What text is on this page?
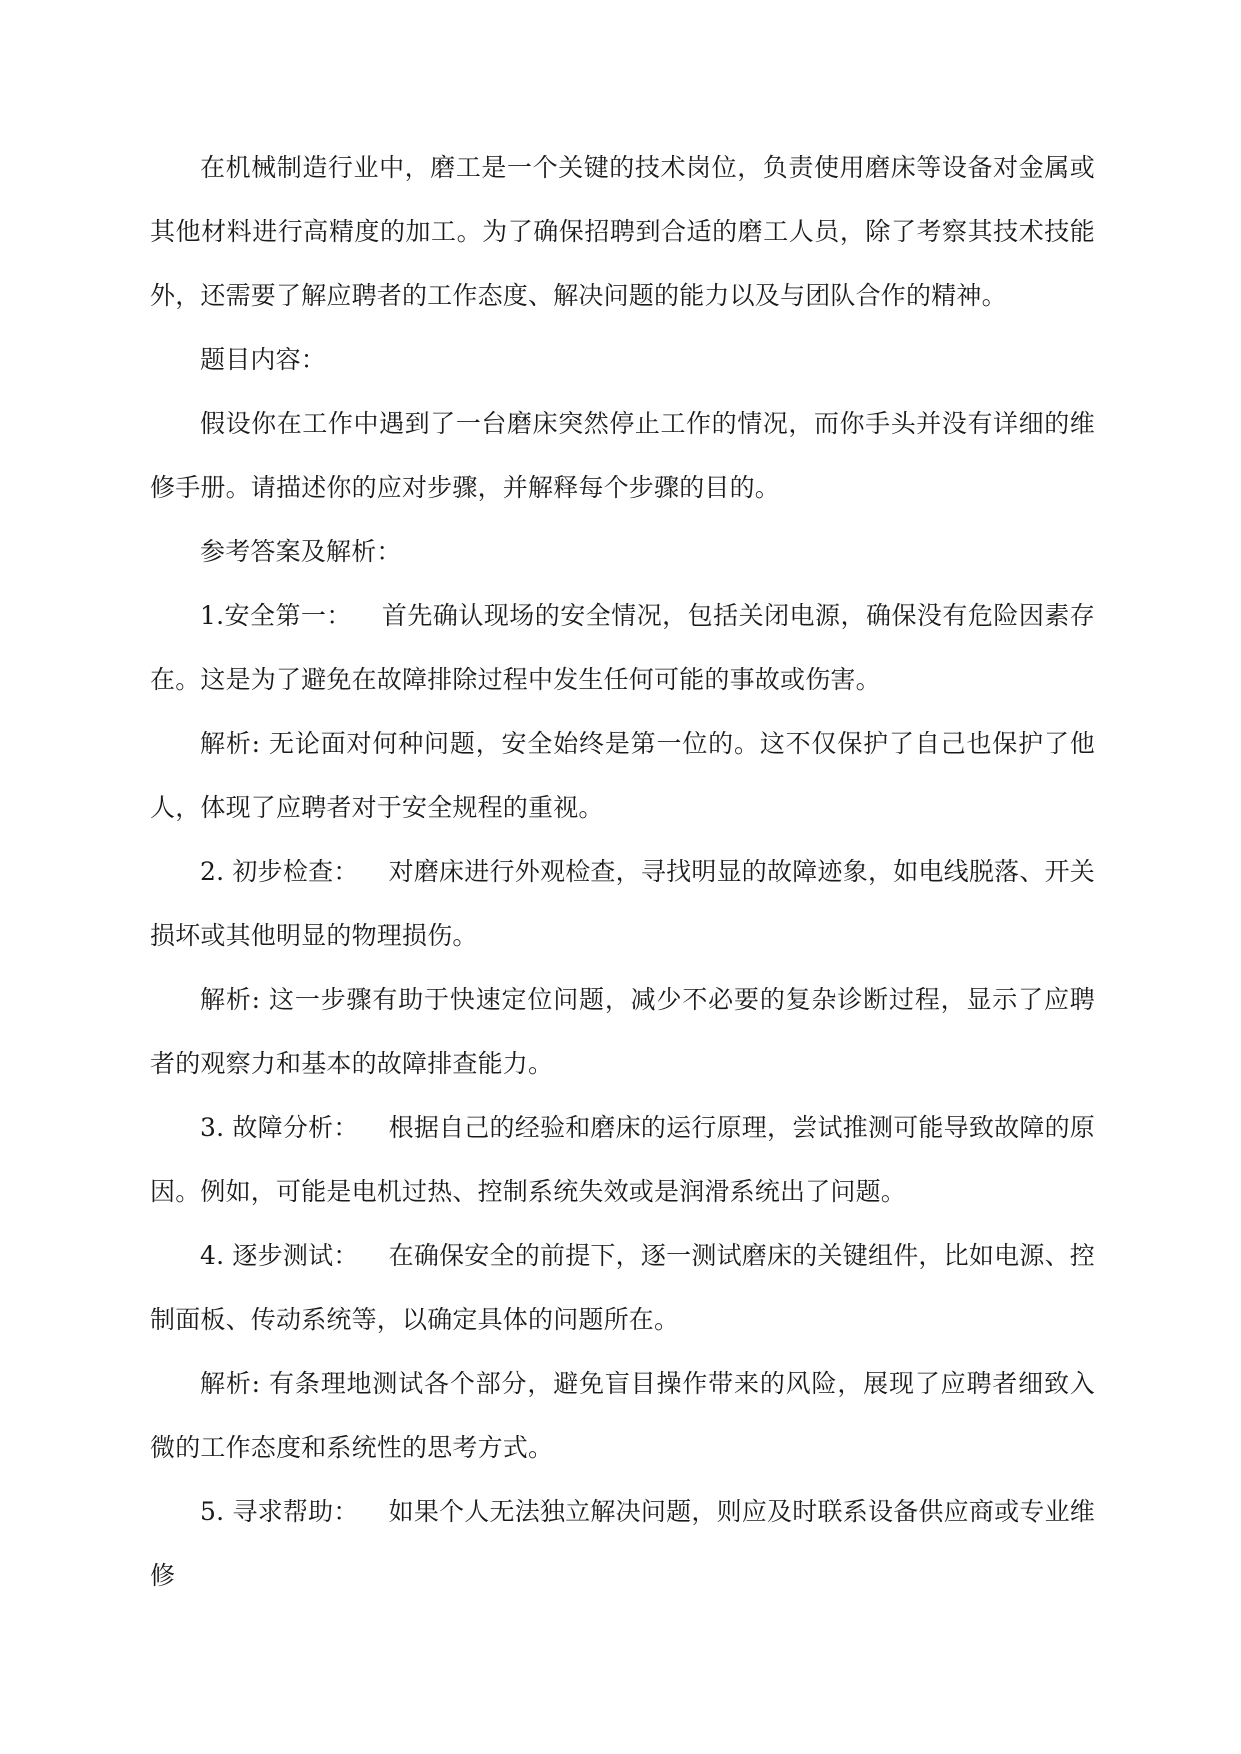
在机械制造行业中，磨工是一个关键的技术岗位，负责使用磨床等设备对金属或其他材料进行高精度的加工。为了确保招聘到合适的磨工人员，除了考察其技术技能外，还需要了解应聘者的工作态度、解决问题的能力以及与团队合作的精神。

题目内容：

假设你在工作中遇到了一台磨床突然停止工作的情况，而你手头并没有详细的维修手册。请描述你的应对步骤，并解释每个步骤的目的。

参考答案及解析：

1.安全第一： 首先确认现场的安全情况，包括关闭电源，确保没有危险因素存在。这是为了避免在故障排除过程中发生任何可能的事故或伤害。

解析: 无论面对何种问题，安全始终是第一位的。这不仅保护了自己也保护了他人，体现了应聘者对于安全规程的重视。

2. 初步检查： 对磨床进行外观检查，寻找明显的故障迹象，如电线脱落、开关损坏或其他明显的物理损伤。

解析: 这一步骤有助于快速定位问题，减少不必要的复杂诊断过程，显示了应聘者的观察力和基本的故障排查能力。

3. 故障分析： 根据自己的经验和磨床的运行原理，尝试推测可能导致故障的原因。例如，可能是电机过热、控制系统失效或是润滑系统出了问题。

4. 逐步测试： 在确保安全的前提下，逐一测试磨床的关键组件，比如电源、控制面板、传动系统等，以确定具体的问题所在。

解析: 有条理地测试各个部分，避免盲目操作带来的风险，展现了应聘者细致入微的工作态度和系统性的思考方式。

5. 寻求帮助： 如果个人无法独立解决问题，则应及时联系设备供应商或专业维修
